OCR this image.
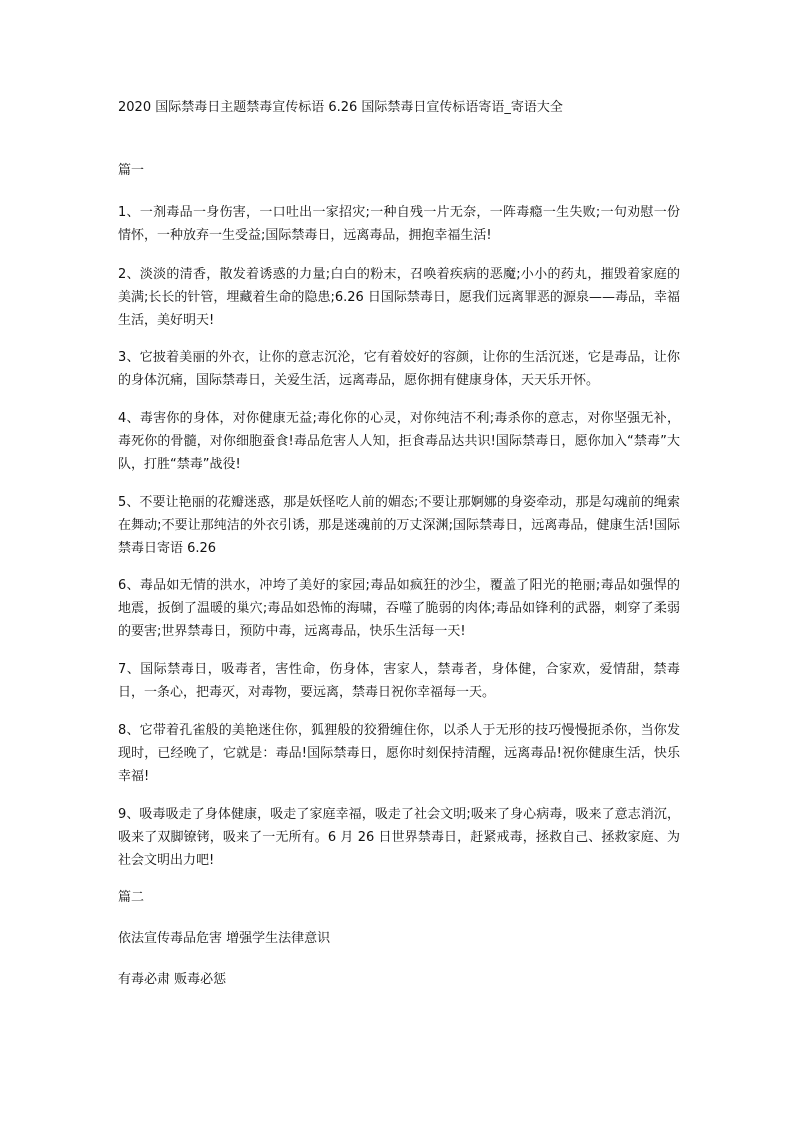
2020 国际禁毒日主题禁毒宣传标语 6.26 国际禁毒日宣传标语寄语_寄语大全
篇一
1、一剂毒品一身伤害，一口吐出一家招灾;一种自残一片无奈，一阵毒瘾一生失败;一句劝慰一份情怀，一种放弃一生受益;国际禁毒日，远离毒品，拥抱幸福生活!
2、淡淡的清香，散发着诱惑的力量;白白的粉末，召唤着疾病的恶魔;小小的药丸，摧毁着家庭的美满;长长的针管，埋藏着生命的隐患;6.26 日国际禁毒日，愿我们远离罪恶的源泉——毒品，幸福生活，美好明天!
3、它披着美丽的外衣，让你的意志沉沦，它有着姣好的容颜，让你的生活沉迷，它是毒品，让你的身体沉痛，国际禁毒日，关爱生活，远离毒品，愿你拥有健康身体，天天乐开怀。
4、毒害你的身体，对你健康无益;毒化你的心灵，对你纯洁不利;毒杀你的意志，对你坚强无补，毒死你的骨髓，对你细胞蚕食!毒品危害人人知，拒食毒品达共识!国际禁毒日，愿你加入“禁毒”大队，打胜“禁毒”战役!
5、不要让艳丽的花瓣迷惑，那是妖怪吃人前的媚态;不要让那婀娜的身姿牵动，那是勾魂前的绳索在舞动;不要让那纯洁的外衣引诱，那是迷魂前的万丈深渊;国际禁毒日，远离毒品，健康生活!国际禁毒日寄语 6.26
6、毒品如无情的洪水，冲垮了美好的家园;毒品如疯狂的沙尘，覆盖了阳光的艳丽;毒品如强悍的地震，扳倒了温暖的巢穴;毒品如恐怖的海啸，吞噬了脆弱的肉体;毒品如锋利的武器，刺穿了柔弱的要害;世界禁毒日，预防中毒，远离毒品，快乐生活每一天!
7、国际禁毒日，吸毒者，害性命，伤身体，害家人，禁毒者，身体健，合家欢，爱情甜，禁毒日，一条心，把毒灭，对毒物，要远离，禁毒日祝你幸福每一天。
8、它带着孔雀般的美艳迷住你，狐狸般的狡猾缠住你，以杀人于无形的技巧慢慢扼杀你，当你发现时，已经晚了，它就是：毒品!国际禁毒日，愿你时刻保持清醒，远离毒品!祝你健康生活，快乐幸福!
9、吸毒吸走了身体健康，吸走了家庭幸福，吸走了社会文明;吸来了身心病毒，吸来了意志消沉，吸来了双脚镣铐，吸来了一无所有。6 月 26 日世界禁毒日，赶紧戒毒，拯救自己、拯救家庭、为社会文明出力吧!
篇二
依法宣传毒品危害 增强学生法律意识
有毒必肃 贩毒必惩
